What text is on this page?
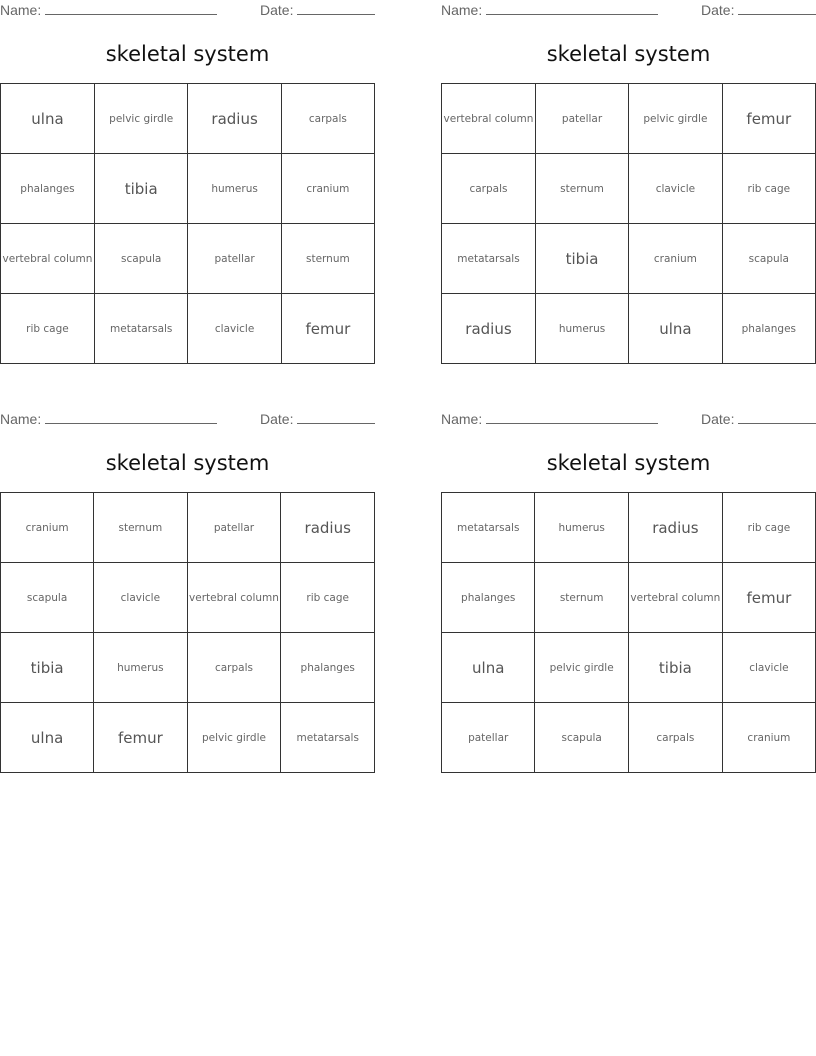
Name:	Date:
skeletal system
ulna	pelvic girdle	radius	carpals
phalanges	tibia	humerus	cranium
vertebral column	scapula	patellar	sternum
rib cage	metatarsals	clavicle	femur
Name:	Date:
skeletal system
vertebral column	patellar	pelvic girdle	femur
carpals	sternum	clavicle	rib cage
metatarsals	tibia	cranium	scapula
radius	humerus	ulna	phalanges
Name:	Date:
skeletal system
cranium	sternum	patellar	radius
scapula	clavicle	vertebral column	rib cage
tibia	humerus	carpals	phalanges
ulna	femur	pelvic girdle	metatarsals
Name:	Date:
skeletal system
metatarsals	humerus	radius	rib cage
phalanges	sternum	vertebral column	femur
ulna	pelvic girdle	tibia	clavicle
patellar	scapula	carpals	cranium
